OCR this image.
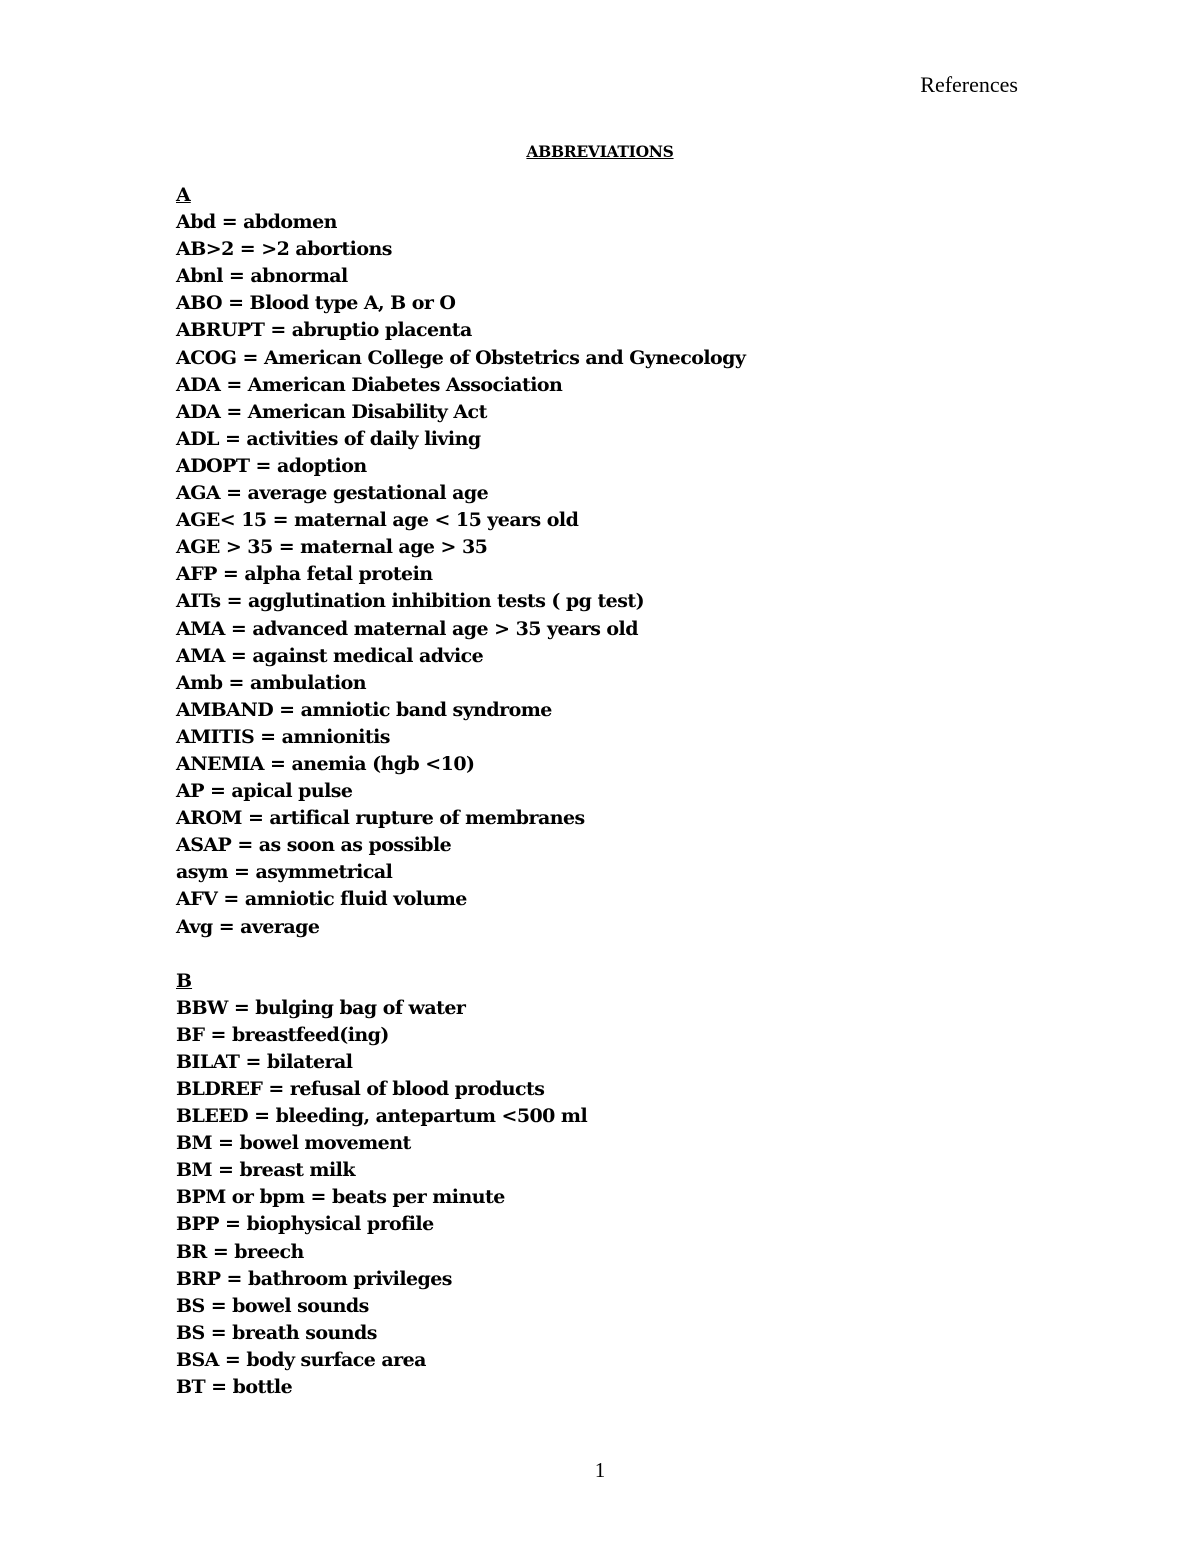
References
ABBREVIATIONS
A
Abd = abdomen
AB>2 = >2 abortions
Abnl = abnormal
ABO = Blood type A, B or O
ABRUPT = abruptio placenta
ACOG = American College of Obstetrics and Gynecology
ADA = American Diabetes Association
ADA = American Disability Act
ADL = activities of daily living
ADOPT = adoption
AGA = average gestational age
AGE< 15 = maternal age < 15 years old
AGE > 35 = maternal age > 35
AFP = alpha fetal protein
AITs = agglutination inhibition tests ( pg test)
AMA = advanced maternal age > 35 years old
AMA = against medical advice
Amb = ambulation
AMBAND = amniotic band syndrome
AMITIS = amnionitis
ANEMIA = anemia (hgb <10)
AP = apical pulse
AROM = artifical rupture of membranes
ASAP = as soon as possible
asym = asymmetrical
AFV = amniotic fluid volume
Avg = average
B
BBW = bulging bag of water
BF = breastfeed(ing)
BILAT = bilateral
BLDREF = refusal of blood products
BLEED = bleeding, antepartum <500 ml
BM = bowel movement
BM = breast milk
BPM or bpm = beats per minute
BPP = biophysical profile
BR = breech
BRP = bathroom privileges
BS = bowel sounds
BS = breath sounds
BSA = body surface area
BT = bottle
1
